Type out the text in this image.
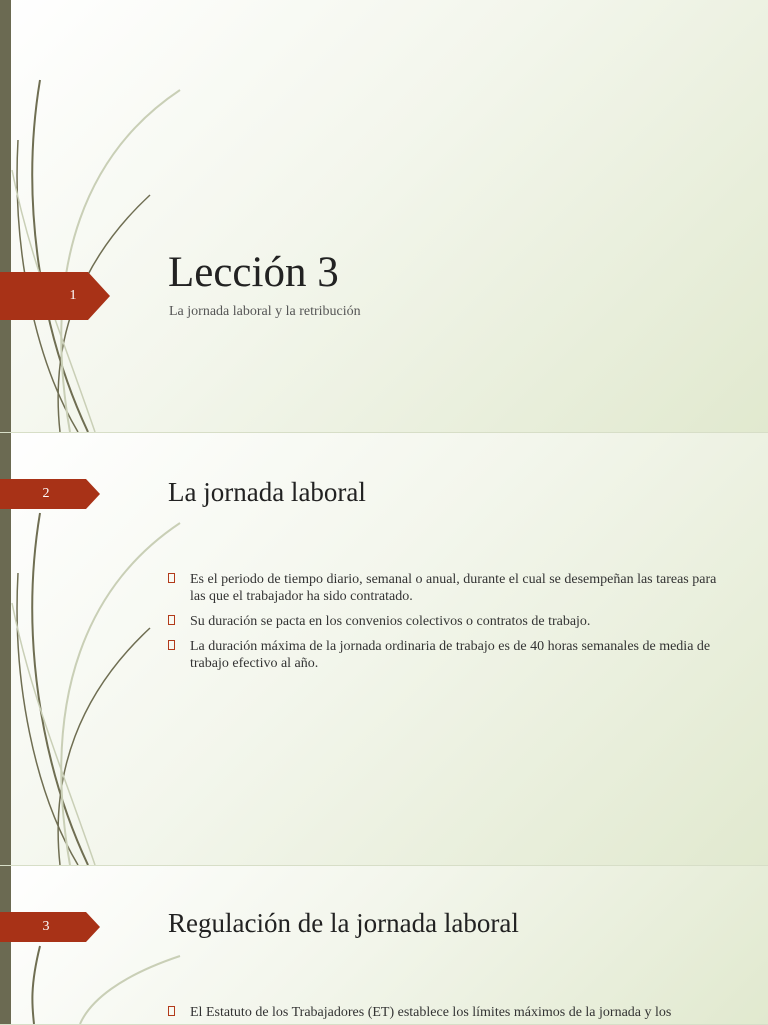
1	Lección 3

La jornada laboral y la retribución

2	La jornada laboral
Es el periodo de tiempo diario, semanal o anual, durante el cual se desempeñan las tareas para las que el trabajador ha sido contratado.
Su duración se pacta en los convenios colectivos o contratos de trabajo.
La duración máxima de la jornada ordinaria de trabajo es de 40 horas semanales de media de trabajo efectivo al año.
3	Regulación de la jornada laboral
El Estatuto de los Trabajadores (ET) establece los límites máximos de la jornada y los
